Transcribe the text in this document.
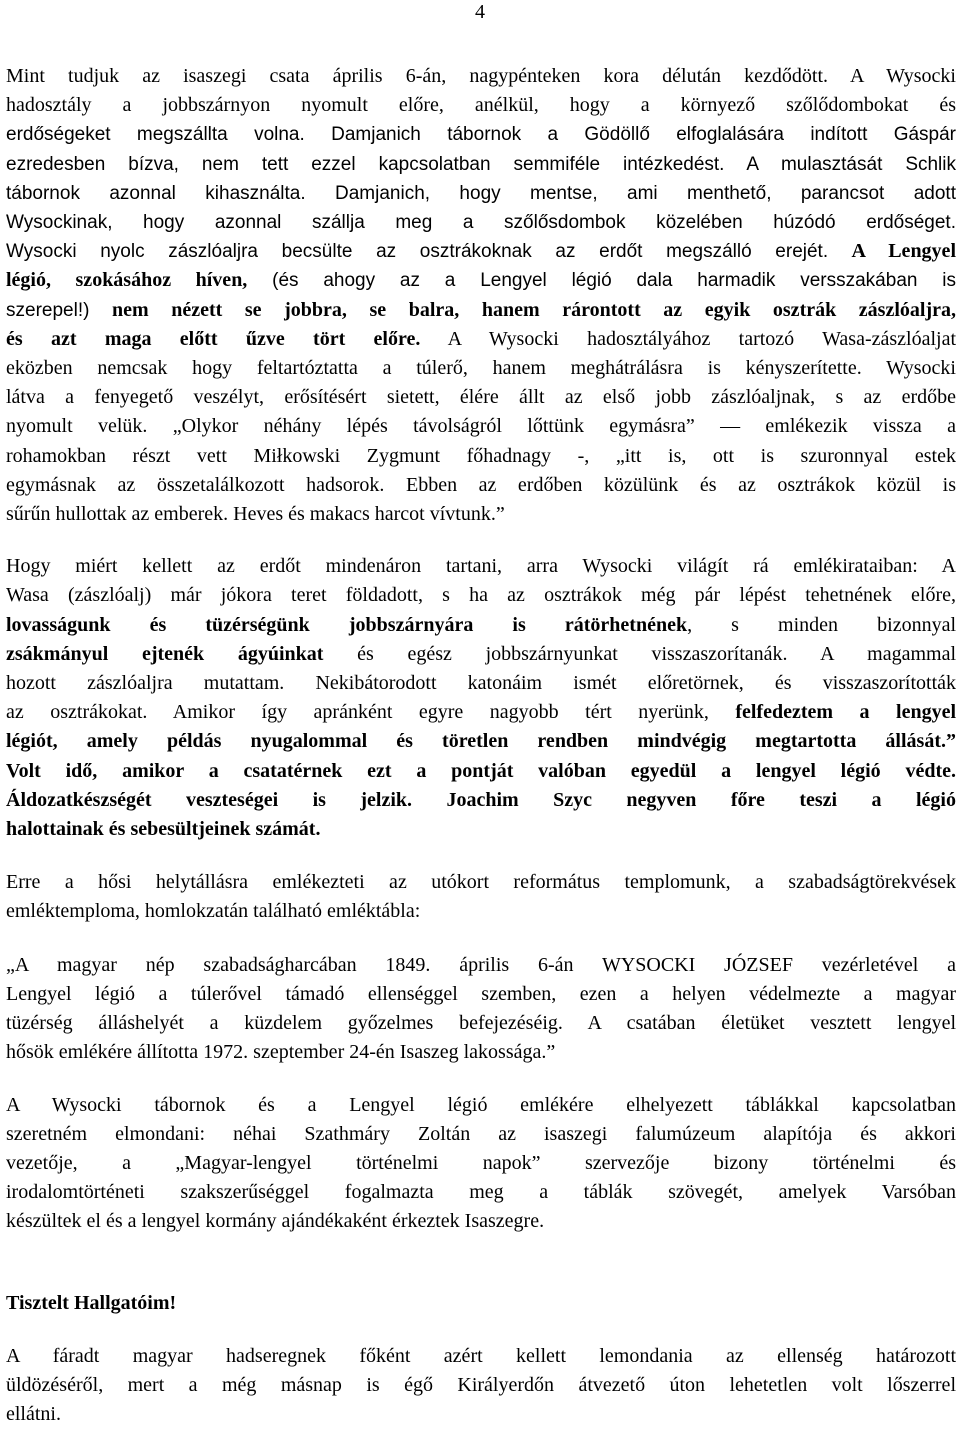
4

Mint tudjuk az isaszegi csata április 6-án, nagypénteken kora délután kezdődött. A Wysocki
hadosztály a jobbszárnyon nyomult előre, anélkül, hogy a környező szőlődombokat és
erdőségeket megszállta volna. Damjanich tábornok a Gödöllő elfoglalására indított Gáspár
ezredesben bízva, nem tett ezzel kapcsolatban semmiféle intézkedést. A mulasztását Schlik
tábornok azonnal kihasználta. Damjanich, hogy mentse, ami menthető, parancsot adott
Wysockinak, hogy azonnal szállja meg a szőlősdombok közelében húzódó erdőséget.
Wysocki nyolc zászlóaljra becsülte az osztrákoknak az erdőt megszálló erejét. A Lengyel
légió, szokásához híven, (és ahogy az a Lengyel légió dala harmadik versszakában is
szerepel!) nem nézett se jobbra, se balra, hanem rárontott az egyik osztrák zászlóaljra,
és azt maga előtt űzve tört előre. A Wysocki hadosztályához tartozó Wasa-zászlóaljat
eközben nemcsak hogy feltartóztatta a túlerő, hanem meghátrálásra is kényszerítette. Wysocki
látva a fenyegető veszélyt, erősítésért sietett, élére állt az első jobb zászlóaljnak, s az erdőbe
nyomult velük. „Olykor néhány lépés távolságról lőttünk egymásra” — emlékezik vissza a
rohamokban részt vett Miłkowski Zygmunt főhadnagy -, „itt is, ott is szuronnyal estek
egymásnak az összetalálkozott hadsorok. Ebben az erdőben közülünk és az osztrákok közül is
sűrűn hullottak az emberek. Heves és makacs harcot vívtunk.”

Hogy miért kellett az erdőt mindenáron tartani, arra Wysocki világít rá emlékirataiban: A
Wasa (zászlóalj) már jókora teret földadott, s ha az osztrákok még pár lépést tehetnének előre,
lovasságunk és tüzérségünk jobbszárnyára is rátörhetnének, s minden bizonnyal
zsákmányul ejtenék ágyúinkat és egész jobbszárnyunkat visszaszorítanák. A magammal
hozott zászlóaljra mutattam. Nekibátorodott katonáim ismét előretörnek, és visszaszorították
az osztrákokat. Amikor így apránként egyre nagyobb tért nyerünk, felfedeztem a lengyel
légiót, amely példás nyugalommal és töretlen rendben mindvégig megtartotta állását.”
Volt idő, amikor a csatatérnek ezt a pontját valóban egyedül a lengyel légió védte.
Áldozatkészségét veszteségei is jelzik. Joachim Szyc negyven főre teszi a légió
halottainak és sebesültjeinek számát.

Erre a hősi helytállásra emlékezteti az utókort református templomunk, a szabadságtörekvések
emléktemploma, homlokzatán található emléktábla:

„A magyar nép szabadságharcában 1849. április 6-án WYSOCKI JÓZSEF vezérletével a
Lengyel légió a túlerővel támadó ellenséggel szemben, ezen a helyen védelmezte a magyar
tüzérség álláshelyét a küzdelem győzelmes befejezéséig. A csatában életüket vesztett lengyel
hősök emlékére állította 1972. szeptember 24-én Isaszeg lakossága.”

A Wysocki tábornok és a Lengyel légió emlékére elhelyezett táblákkal kapcsolatban
szeretném elmondani: néhai Szathmáry Zoltán az isaszegi falumúzeum alapítója és akkori
vezetője, a „Magyar-lengyel történelmi napok” szervezője bizony történelmi és
irodalomtörténeti szakszerűséggel fogalmazta meg a táblák szövegét, amelyek Varsóban
készültek el és a lengyel kormány ajándékaként érkeztek Isaszegre.

Tisztelt Hallgatóim!

A fáradt magyar hadseregnek főként azért kellett lemondania az ellenség határozott
üldözéséről, mert a még másnap is égő Királyerdőn átvezető úton lehetetlen volt lőszerrel
ellátni.
